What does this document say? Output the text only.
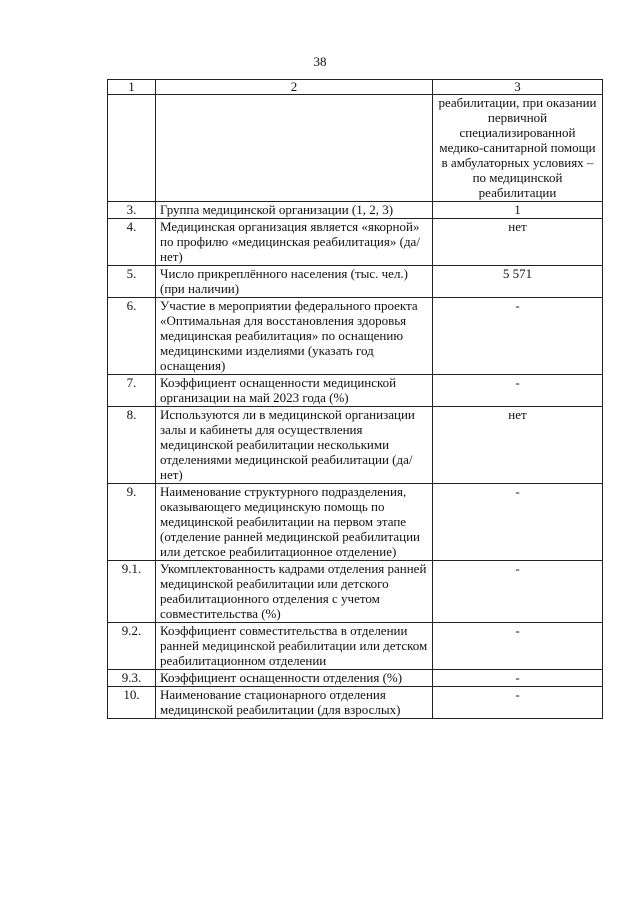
38
1	2	3
		реабилитации, при оказании первичной специализированной медико-санитарной помощи в амбулаторных условиях – по медицинской реабилитации
3.	Группа медицинской организации (1, 2, 3)	1
4.	Медицинская организация является «якорной» по профилю «медицинская реабилитация» (да/нет)	нет
5.	Число прикреплённого населения (тыс. чел.) (при наличии)	5 571
6.	Участие в мероприятии федерального проекта «Оптимальная для восстановления здоровья медицинская реабилитация» по оснащению медицинскими изделиями (указать год оснащения)	-
7.	Коэффициент оснащенности медицинской организации на май 2023 года (%)	-
8.	Используются ли в медицинской организации залы и кабинеты для осуществления медицинской реабилитации несколькими отделениями медицинской реабилитации (да/нет)	нет
9.	Наименование структурного подразделения, оказывающего медицинскую помощь по медицинской реабилитации на первом этапе (отделение ранней медицинской реабилитации или детское реабилитационное отделение)	-
9.1.	Укомплектованность кадрами отделения ранней медицинской реабилитации или детского реабилитационного отделения с учетом совместительства (%)	-
9.2.	Коэффициент совместительства в отделении ранней медицинской реабилитации или детском реабилитационном отделении	-
9.3.	Коэффициент оснащенности отделения (%)	-
10.	Наименование стационарного отделения медицинской реабилитации (для взрослых)	-
